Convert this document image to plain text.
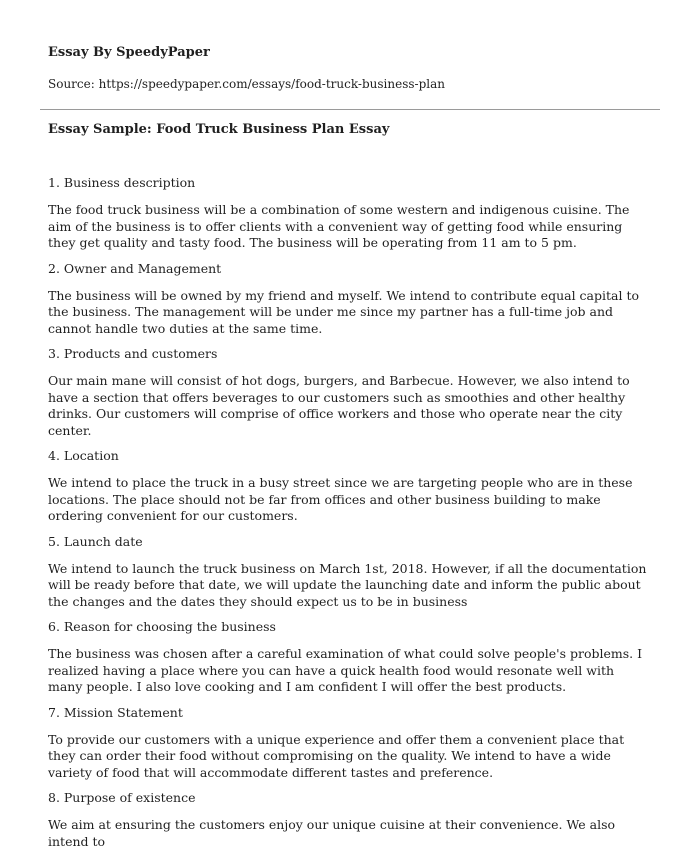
Essay By SpeedyPaper

Source: https://speedypaper.com/essays/food-truck-business-plan

Essay Sample: Food Truck Business Plan Essay

1. Business description

The food truck business will be a combination of some western and indigenous cuisine. The aim of the business is to offer clients with a convenient way of getting food while ensuring they get quality and tasty food. The business will be operating from 11 am to 5 pm.

2. Owner and Management

The business will be owned by my friend and myself. We intend to contribute equal capital to the business. The management will be under me since my partner has a full-time job and cannot handle two duties at the same time.

3. Products and customers

Our main mane will consist of hot dogs, burgers, and Barbecue. However, we also intend to have a section that offers beverages to our customers such as smoothies and other healthy drinks. Our customers will comprise of office workers and those who operate near the city center.

4. Location

We intend to place the truck in a busy street since we are targeting people who are in these locations. The place should not be far from offices and other business building to make ordering convenient for our customers.

5. Launch date

We intend to launch the truck business on March 1st, 2018. However, if all the documentation will be ready before that date, we will update the launching date and inform the public about the changes and the dates they should expect us to be in business

6. Reason for choosing the business

The business was chosen after a careful examination of what could solve people's problems. I realized having a place where you can have a quick health food would resonate well with many people. I also love cooking and I am confident I will offer the best products.

7. Mission Statement

To provide our customers with a unique experience and offer them a convenient place that they can order their food without compromising on the quality. We intend to have a wide variety of food that will accommodate different tastes and preference.

8. Purpose of existence

We aim at ensuring the customers enjoy our unique cuisine at their convenience. We also intend to
